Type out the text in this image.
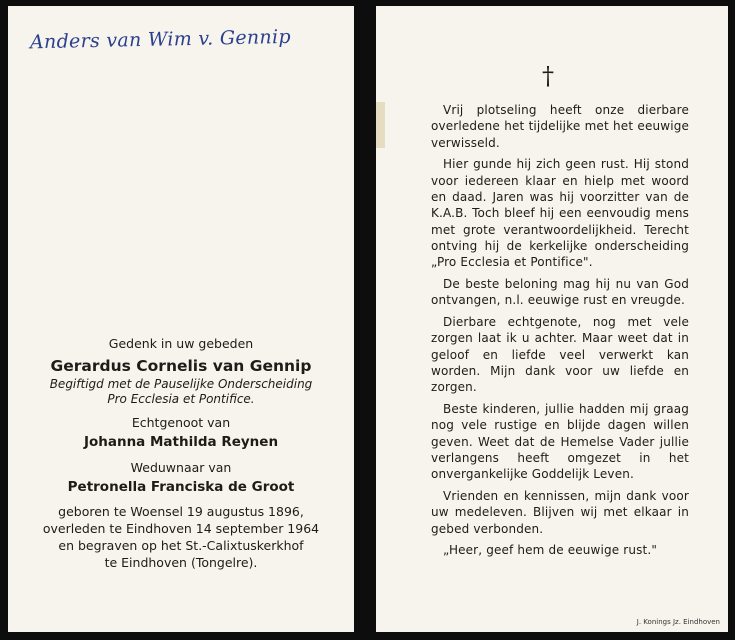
Anders van Wim v. Gennip
Gedenk in uw gebeden
Gerardus Cornelis van Gennip
Begiftigd met de Pauselijke Onderscheiding
Pro Ecclesia et Pontifice.
Echtgenoot van
Johanna Mathilda Reynen
Weduwnaar van
Petronella Franciska de Groot
geboren te Woensel 19 augustus 1896,
overleden te Eindhoven 14 september 1964
en begraven op het St.-Calixtuskerkhof
te Eindhoven (Tongelre).
†

Vrij plotseling heeft onze dierbare overledene het tijdelijke met het eeuwige verwisseld.

Hier gunde hij zich geen rust. Hij stond voor iedereen klaar en hielp met woord en daad. Jaren was hij voorzitter van de K.A.B. Toch bleef hij een eenvoudig mens met grote verantwoordelijkheid. Terecht ontving hij de kerkelijke onderscheiding „Pro Ecclesia et Pontifice".

De beste beloning mag hij nu van God ontvangen, n.l. eeuwige rust en vreugde.

Dierbare echtgenote, nog met vele zorgen laat ik u achter. Maar weet dat in geloof en liefde veel verwerkt kan worden. Mijn dank voor uw liefde en zorgen.

Beste kinderen, jullie hadden mij graag nog vele rustige en blijde dagen willen geven. Weet dat de Hemelse Vader jullie verlangens heeft omgezet in het onvergankelijke Goddelijk Leven.

Vrienden en kennissen, mijn dank voor uw medeleven. Blijven wij met elkaar in gebed verbonden.

„Heer, geef hem de eeuwige rust."

J. Konings Jz. Eindhoven
